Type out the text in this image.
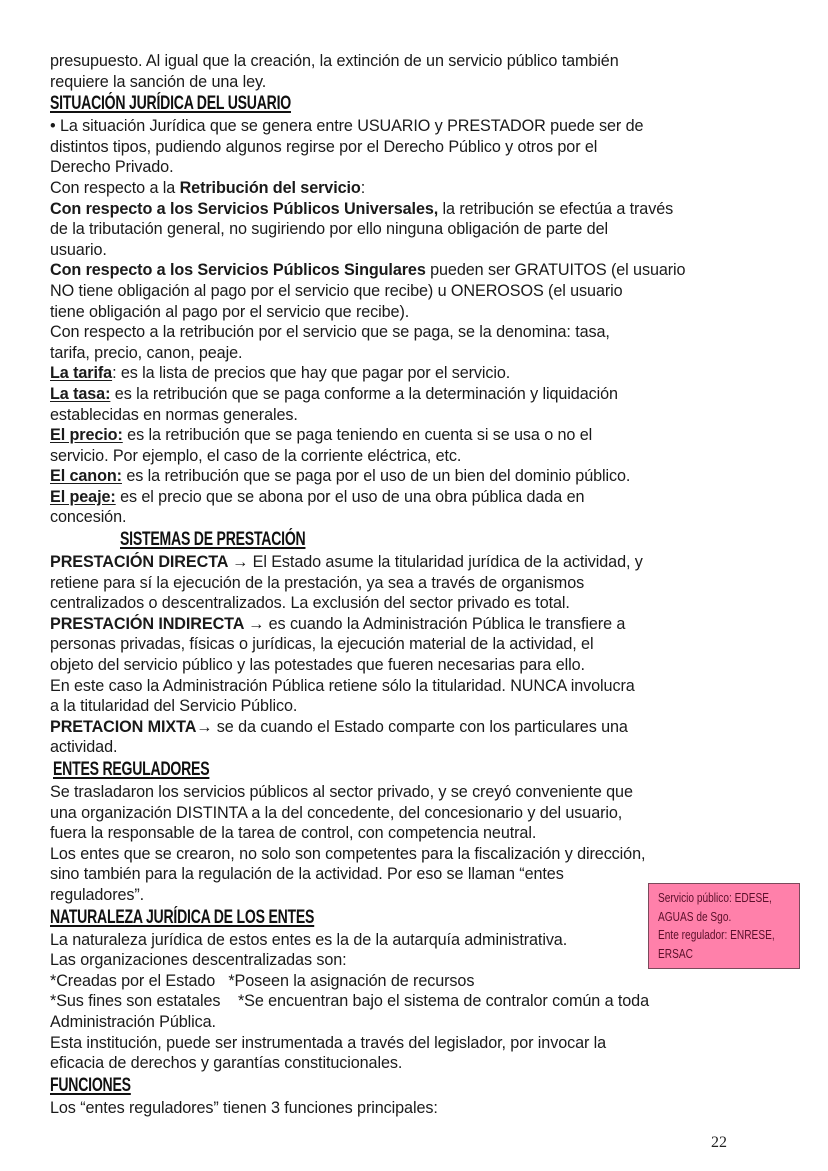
presupuesto. Al igual que la creación, la extinción de un servicio público también
requiere la sanción de una ley.
SITUACIÓN JURÍDICA DEL USUARIO
• La situación Jurídica que se genera entre USUARIO y PRESTADOR puede ser de
distintos tipos, pudiendo algunos regirse por el Derecho Público y otros por el
Derecho Privado.
Con respecto a la Retribución del servicio:
Con respecto a los Servicios Públicos Universales, la retribución se efectúa a través
de la tributación general, no sugiriendo por ello ninguna obligación de parte del
usuario.
Con respecto a los Servicios Públicos Singulares pueden ser GRATUITOS (el usuario
NO tiene obligación al pago por el servicio que recibe) u ONEROSOS (el usuario
tiene obligación al pago por el servicio que recibe).
Con respecto a la retribución por el servicio que se paga, se la denomina: tasa,
tarifa, precio, canon, peaje.
La tarifa: es la lista de precios que hay que pagar por el servicio.
La tasa: es la retribución que se paga conforme a la determinación y liquidación
establecidas en normas generales.
El precio: es la retribución que se paga teniendo en cuenta si se usa o no el
servicio. Por ejemplo, el caso de la corriente eléctrica, etc.
El canon: es la retribución que se paga por el uso de un bien del dominio público.
El peaje: es el precio que se abona por el uso de una obra pública dada en
concesión.
SISTEMAS DE PRESTACIÓN
PRESTACIÓN DIRECTA → El Estado asume la titularidad jurídica de la actividad, y
retiene para sí la ejecución de la prestación, ya sea a través de organismos
centralizados o descentralizados. La exclusión del sector privado es total.
PRESTACIÓN INDIRECTA → es cuando la Administración Pública le transfiere a
personas privadas, físicas o jurídicas, la ejecución material de la actividad, el
objeto del servicio público y las potestades que fueren necesarias para ello.
En este caso la Administración Pública retiene sólo la titularidad. NUNCA involucra
a la titularidad del Servicio Público.
PRETACION MIXTA→ se da cuando el Estado comparte con los particulares una
actividad.
ENTES REGULADORES
Se trasladaron los servicios públicos al sector privado, y se creyó conveniente que
una organización DISTINTA a la del concedente, del concesionario y del usuario,
fuera la responsable de la tarea de control, con competencia neutral.
Los entes que se crearon, no solo son competentes para la fiscalización y dirección,
sino también para la regulación de la actividad. Por eso se llaman “entes
reguladores”.
NATURALEZA JURÍDICA DE LOS ENTES
La naturaleza jurídica de estos entes es la de la autarquía administrativa.
Las organizaciones descentralizadas son:
*Creadas por el Estado   *Poseen la asignación de recursos
*Sus fines son estatales    *Se encuentran bajo el sistema de contralor común a toda
Administración Pública.
Esta institución, puede ser instrumentada a través del legislador, por invocar la
eficacia de derechos y garantías constitucionales.
FUNCIONES
Los “entes reguladores” tienen 3 funciones principales:
Servicio público: EDESE,
AGUAS de Sgo.
Ente regulador: ENRESE,
ERSAC
22
